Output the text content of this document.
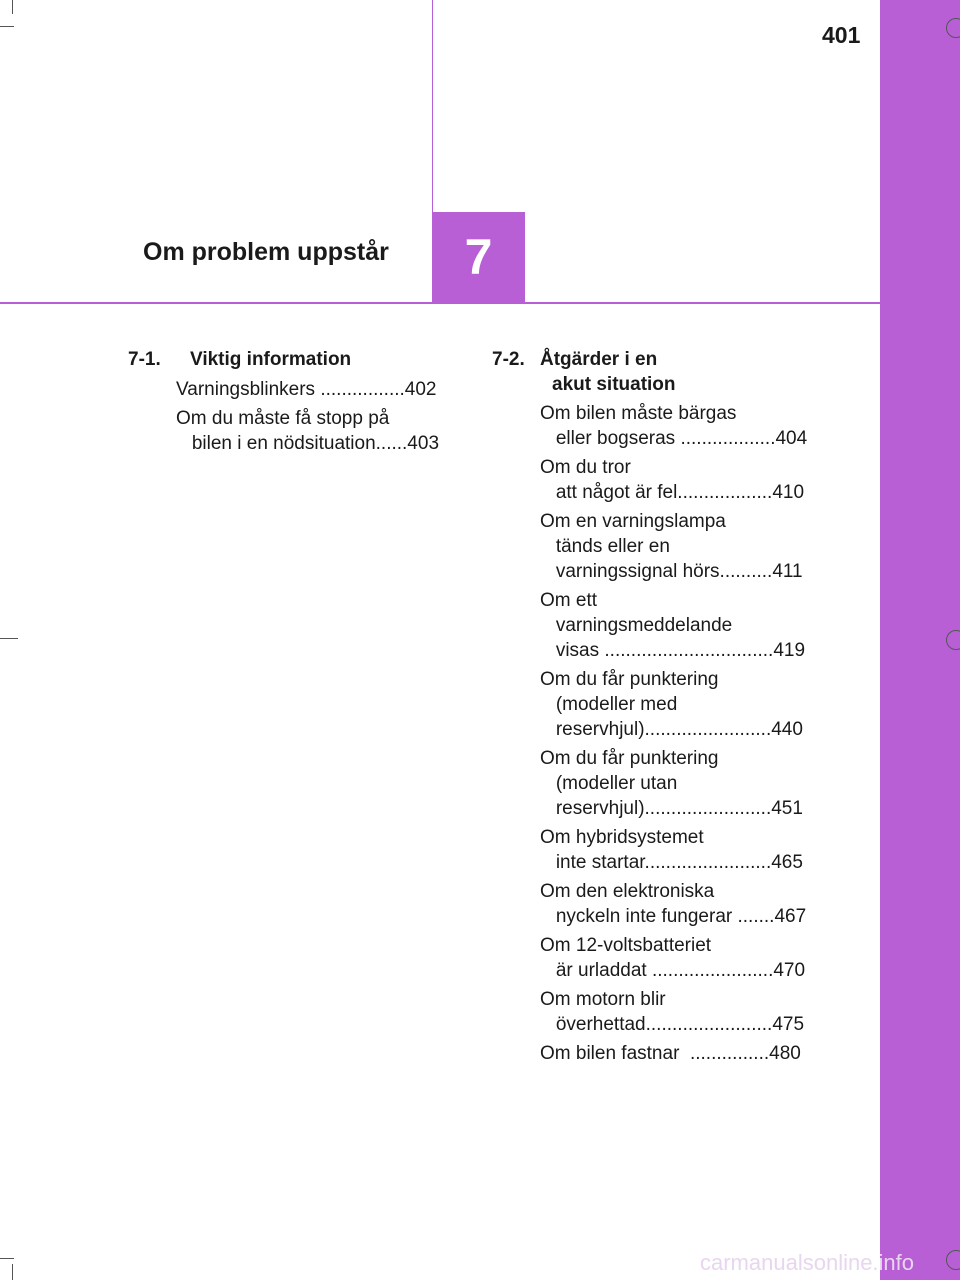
7
Om problem uppstår
401
7-1. Viktig information
Varningsblinkers ................402
Om du måste få stopp på
bilen i en nödsituation......403
7-2. Åtgärder i en
akut situation
Om bilen måste bärgas
eller bogseras ..................404
Om du tror
att något är fel..................410
Om en varningslampa
tänds eller en
varningssignal hörs..........411
Om ett
varningsmeddelande
visas ................................419
Om du får punktering
(modeller med
reservhjul)........................440
Om du får punktering
(modeller utan
reservhjul)........................451
Om hybridsystemet
inte startar........................465
Om den elektroniska
nyckeln inte fungerar .......467
Om 12-voltsbatteriet
är urladdat .......................470
Om motorn blir
överhettad........................475
Om bilen fastnar  ...............480
carmanualsonline.info
